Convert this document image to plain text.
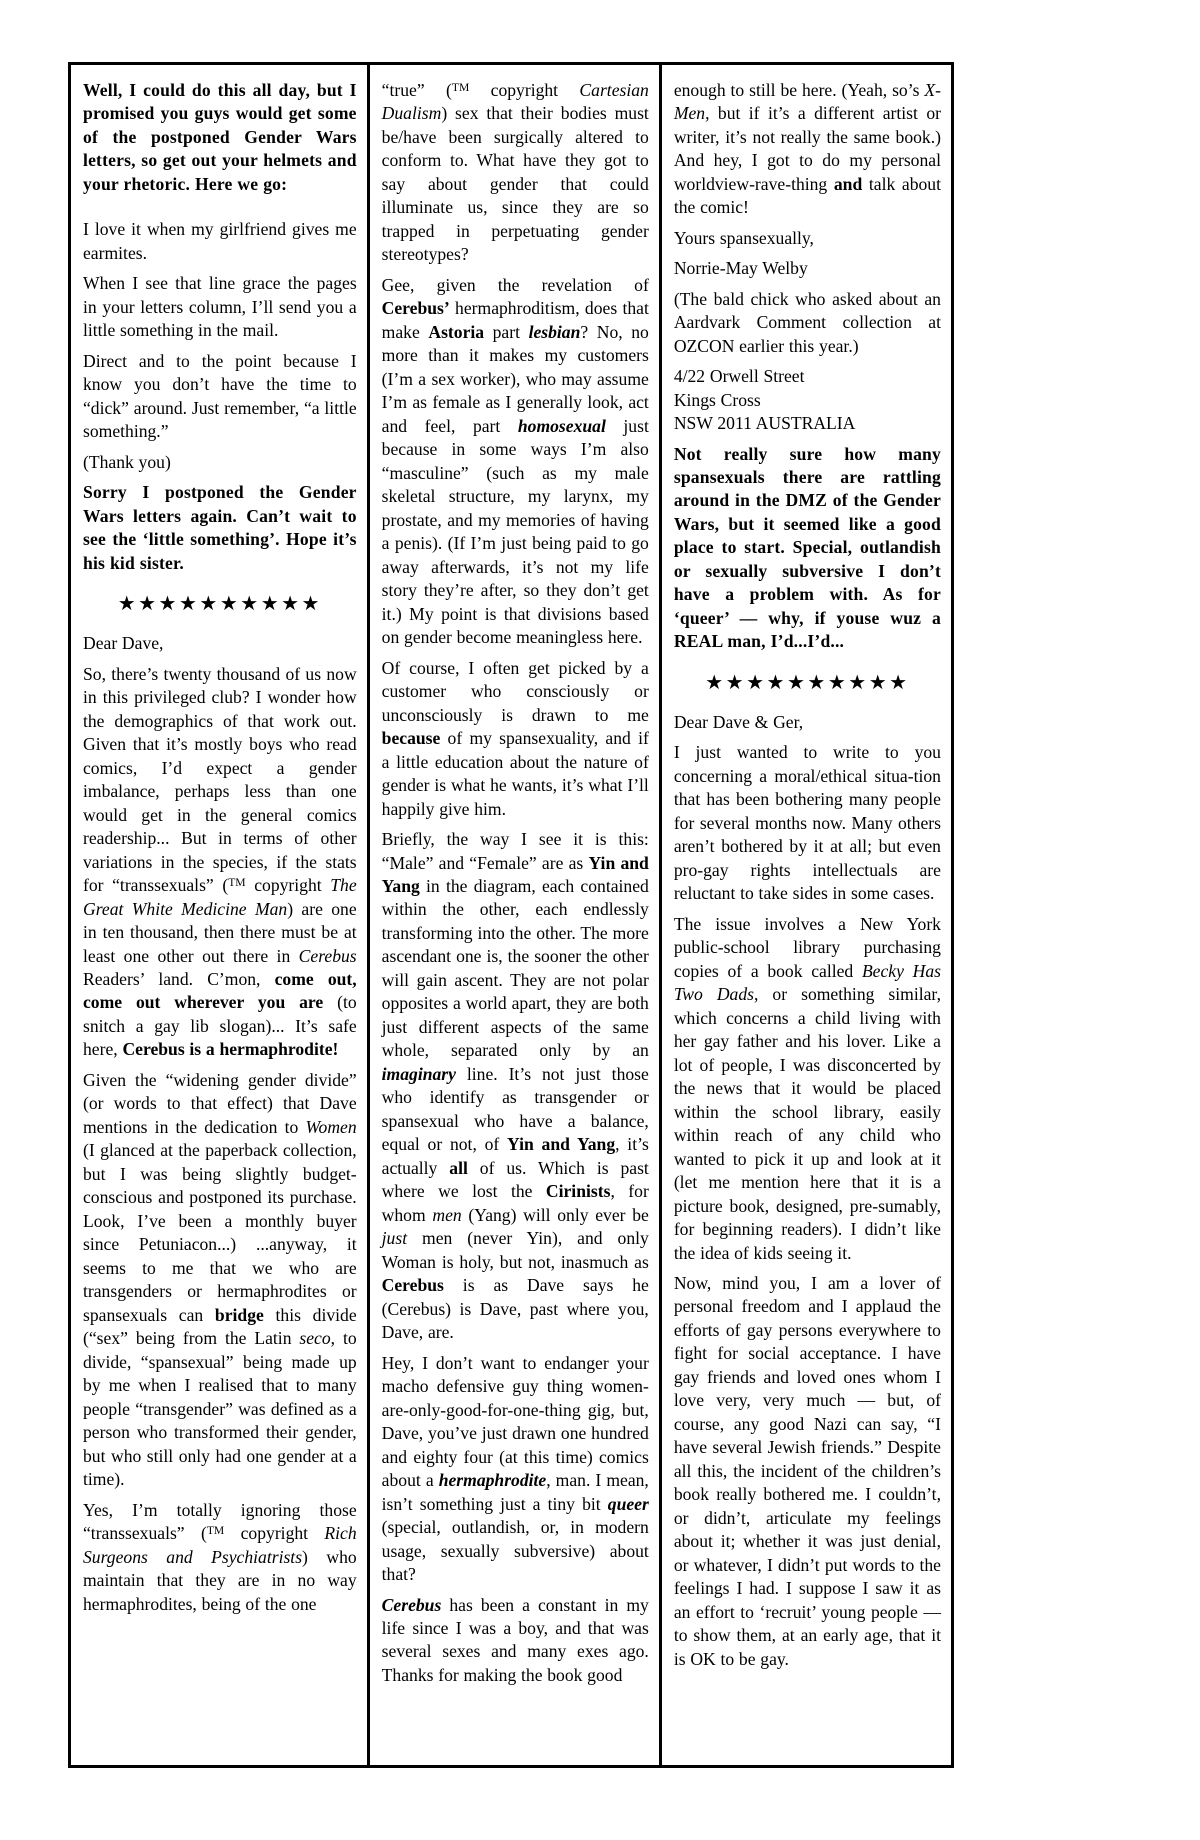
Well, I could do this all day, but I promised you guys would get some of the postponed Gender Wars letters, so get out your helmets and your rhetoric. Here we go:

I love it when my girlfriend gives me earmites.

When I see that line grace the pages in your letters column, I’ll send you a little something in the mail.

Direct and to the point because I know you don’t have the time to “dick” around. Just remember, “a little something.”

(Thank you)

Sorry I postponed the Gender Wars letters again. Can’t wait to see the ‘little something’. Hope it’s his kid sister.

★★★★★★★★★★

Dear Dave,

So, there’s twenty thousand of us now in this privileged club? I wonder how the demographics of that work out. Given that it’s mostly boys who read comics, I’d expect a gender imbalance, perhaps less than one would get in the general comics readership... But in terms of other variations in the species, if the stats for “transsexuals” (™ copyright The Great White Medicine Man) are one in ten thousand, then there must be at least one other out there in Cerebus Readers’ land. C’mon, come out, come out wherever you are (to snitch a gay lib slogan)... It’s safe here, Cerebus is a hermaphrodite!

Given the “widening gender divide” (or words to that effect) that Dave mentions in the dedication to Women (I glanced at the paperback collection, but I was being slightly budget-conscious and postponed its purchase. Look, I’ve been a monthly buyer since Petuniacon...) ...anyway, it seems to me that we who are transgenders or hermaphrodites or spansexuals can bridge this divide (“sex” being from the Latin seco, to divide, “spansexual” being made up by me when I realised that to many people “transgender” was defined as a person who transformed their gender, but who still only had one gender at a time).

Yes, I’m totally ignoring those “transsexuals” (™ copyright Rich Surgeons and Psychiatrists) who maintain that they are in no way hermaphrodites, being of the one

“true” (™ copyright Cartesian Dualism) sex that their bodies must be/have been surgically altered to conform to. What have they got to say about gender that could illuminate us, since they are so trapped in perpetuating gender stereotypes?

Gee, given the revelation of Cerebus’ hermaphroditism, does that make Astoria part lesbian? No, no more than it makes my customers (I’m a sex worker), who may assume I’m as female as I generally look, act and feel, part homosexual just because in some ways I’m also “masculine” (such as my male skeletal structure, my larynx, my prostate, and my memories of having a penis). (If I’m just being paid to go away afterwards, it’s not my life story they’re after, so they don’t get it.) My point is that divisions based on gender become meaningless here.

Of course, I often get picked by a customer who consciously or unconsciously is drawn to me because of my spansexuality, and if a little education about the nature of gender is what he wants, it’s what I’ll happily give him.

Briefly, the way I see it is this: “Male” and “Female” are as Yin and Yang in the diagram, each contained within the other, each endlessly transforming into the other. The more ascendant one is, the sooner the other will gain ascent. They are not polar opposites a world apart, they are both just different aspects of the same whole, separated only by an imaginary line. It’s not just those who identify as transgender or spansexual who have a balance, equal or not, of Yin and Yang, it’s actually all of us. Which is past where we lost the Cirinists, for whom men (Yang) will only ever be just men (never Yin), and only Woman is holy, but not, inasmuch as Cerebus is as Dave says he (Cerebus) is Dave, past where you, Dave, are.

Hey, I don’t want to endanger your macho defensive guy thing women-are-only-good-for-one-thing gig, but, Dave, you’ve just drawn one hundred and eighty four (at this time) comics about a hermaphrodite, man. I mean, isn’t something just a tiny bit queer (special, outlandish, or, in modern usage, sexually subversive) about that?

Cerebus has been a constant in my life since I was a boy, and that was several sexes and many exes ago. Thanks for making the book good

enough to still be here. (Yeah, so’s X-Men, but if it’s a different artist or writer, it’s not really the same book.) And hey, I got to do my personal worldview-rave-thing and talk about the comic!

Yours spansexually,

Norrie-May Welby

(The bald chick who asked about an Aardvark Comment collection at OZCON earlier this year.)

4/22 Orwell Street

Kings Cross

NSW 2011 AUSTRALIA

Not really sure how many spansexuals there are rattling around in the DMZ of the Gender Wars, but it seemed like a good place to start. Special, outlandish or sexually subversive I don’t have a problem with. As for ‘queer’ — why, if youse wuz a REAL man, I’d...I’d...

★★★★★★★★★★

Dear Dave & Ger,

I just wanted to write to you concerning a moral/ethical situa-tion that has been bothering many people for several months now. Many others aren’t bothered by it at all; but even pro-gay rights intellectuals are reluctant to take sides in some cases.

The issue involves a New York public-school library purchasing copies of a book called Becky Has Two Dads, or something similar, which concerns a child living with her gay father and his lover. Like a lot of people, I was disconcerted by the news that it would be placed within the school library, easily within reach of any child who wanted to pick it up and look at it (let me mention here that it is a picture book, designed, pre-sumably, for beginning readers). I didn’t like the idea of kids seeing it.

Now, mind you, I am a lover of personal freedom and I applaud the efforts of gay persons everywhere to fight for social acceptance. I have gay friends and loved ones whom I love very, very much — but, of course, any good Nazi can say, “I have several Jewish friends.” Despite all this, the incident of the children’s book really bothered me. I couldn’t, or didn’t, articulate my feelings about it; whether it was just denial, or whatever, I didn’t put words to the feelings I had. I suppose I saw it as an effort to ‘recruit’ young people — to show them, at an early age, that it is OK to be gay.
